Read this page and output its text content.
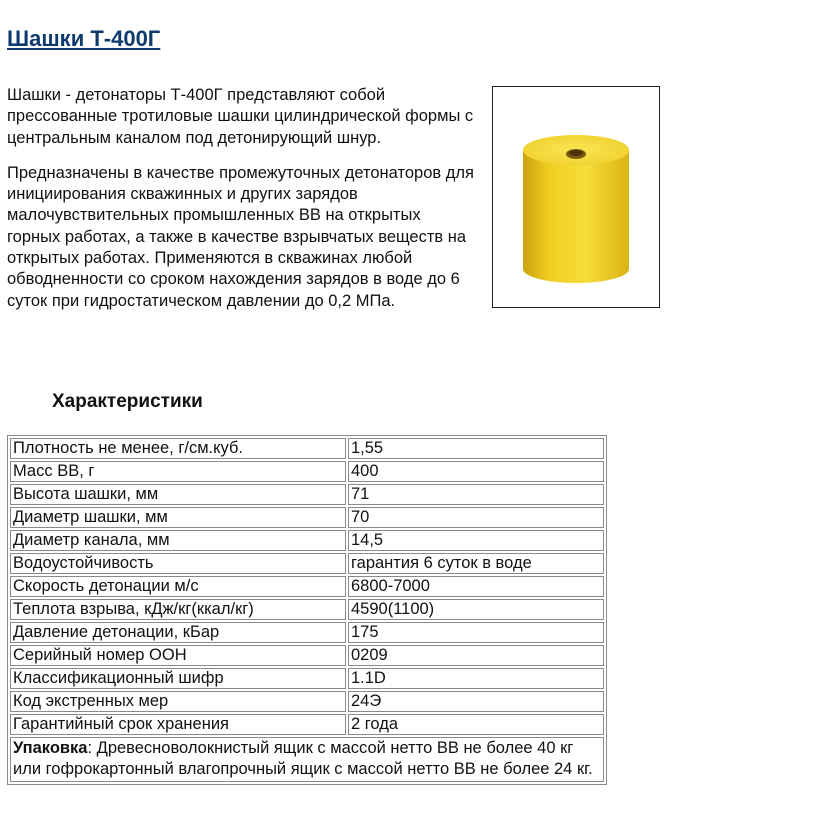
Шашки Т-400Г

Шашки - детонаторы Т-400Г представляют собой прессованные тротиловые шашки цилиндрической формы с центральным каналом под детонирующий шнур.

Предназначены в качестве промежуточных детонаторов для инициирования скважинных и других зарядов малочувствительных промышленных ВВ на открытых горных работах, а также в качестве взрывчатых веществ на открытых работах. Применяются в скважинах любой обводненности со сроком нахождения зарядов в воде до 6 суток при гидростатическом давлении до 0,2 МПа.

Характеристики
Плотность не менее, г/см.куб.	1,55
Масс ВВ, г	400
Высота шашки, мм	71
Диаметр шашки, мм	70
Диаметр канала, мм	14,5
Водоустойчивость	гарантия 6 суток в воде
Скорость детонации м/с	6800-7000
Теплота взрыва, кДж/кг(ккал/кг)	4590(1100)
Давление детонации, кБар	175
Серийный номер ООН	0209
Классификационный шифр	1.1D
Код экстренных мер	24Э
Гарантийный срок хранения	2 года
Упаковка: Древесноволокнистый ящик с массой нетто ВВ не более 40 кг или гофрокартонный влагопрочный ящик с массой нетто ВВ не более 24 кг.	
